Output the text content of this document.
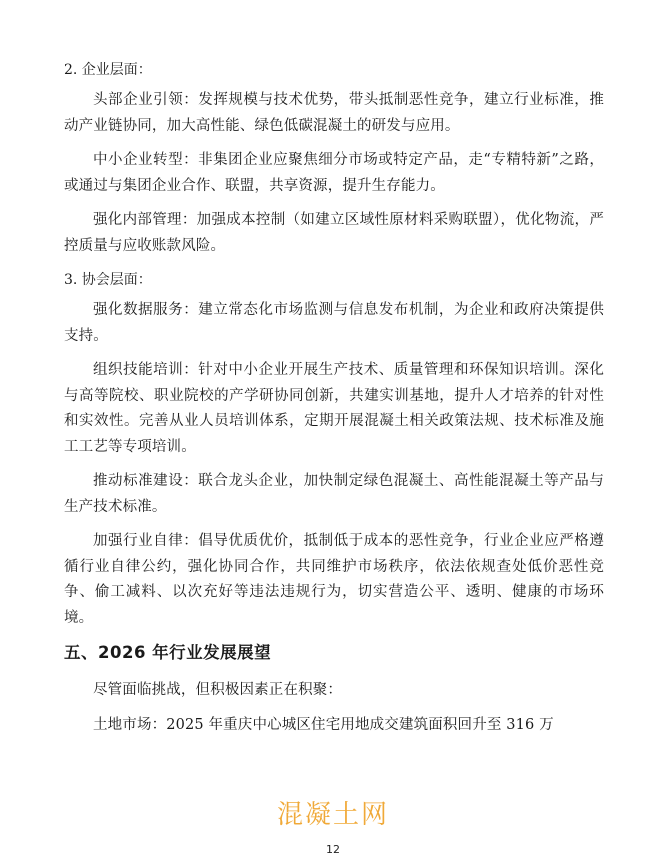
2. 企业层面：

头部企业引领：发挥规模与技术优势，带头抵制恶性竞争，建立行业标准，推动产业链协同，加大高性能、绿色低碳混凝土的研发与应用。

中小企业转型：非集团企业应聚焦细分市场或特定产品，走“专精特新”之路，或通过与集团企业合作、联盟，共享资源，提升生存能力。

强化内部管理：加强成本控制（如建立区域性原材料采购联盟），优化物流，严控质量与应收账款风险。

3. 协会层面：

强化数据服务：建立常态化市场监测与信息发布机制，为企业和政府决策提供支持。

组织技能培训：针对中小企业开展生产技术、质量管理和环保知识培训。深化与高等院校、职业院校的产学研协同创新，共建实训基地，提升人才培养的针对性和实效性。完善从业人员培训体系，定期开展混凝土相关政策法规、技术标准及施工工艺等专项培训。

推动标准建设：联合龙头企业，加快制定绿色混凝土、高性能混凝土等产品与生产技术标准。

加强行业自律：倡导优质优价，抵制低于成本的恶性竞争，行业企业应严格遵循行业自律公约，强化协同合作，共同维护市场秩序，依法依规查处低价恶性竞争、偷工减料、以次充好等违法违规行为，切实营造公平、透明、健康的市场环境。

五、2026 年行业发展展望

尽管面临挑战，但积极因素正在积聚：

土地市场：2025 年重庆中心城区住宅用地成交建筑面积回升至 316 万

混凝土网
12
